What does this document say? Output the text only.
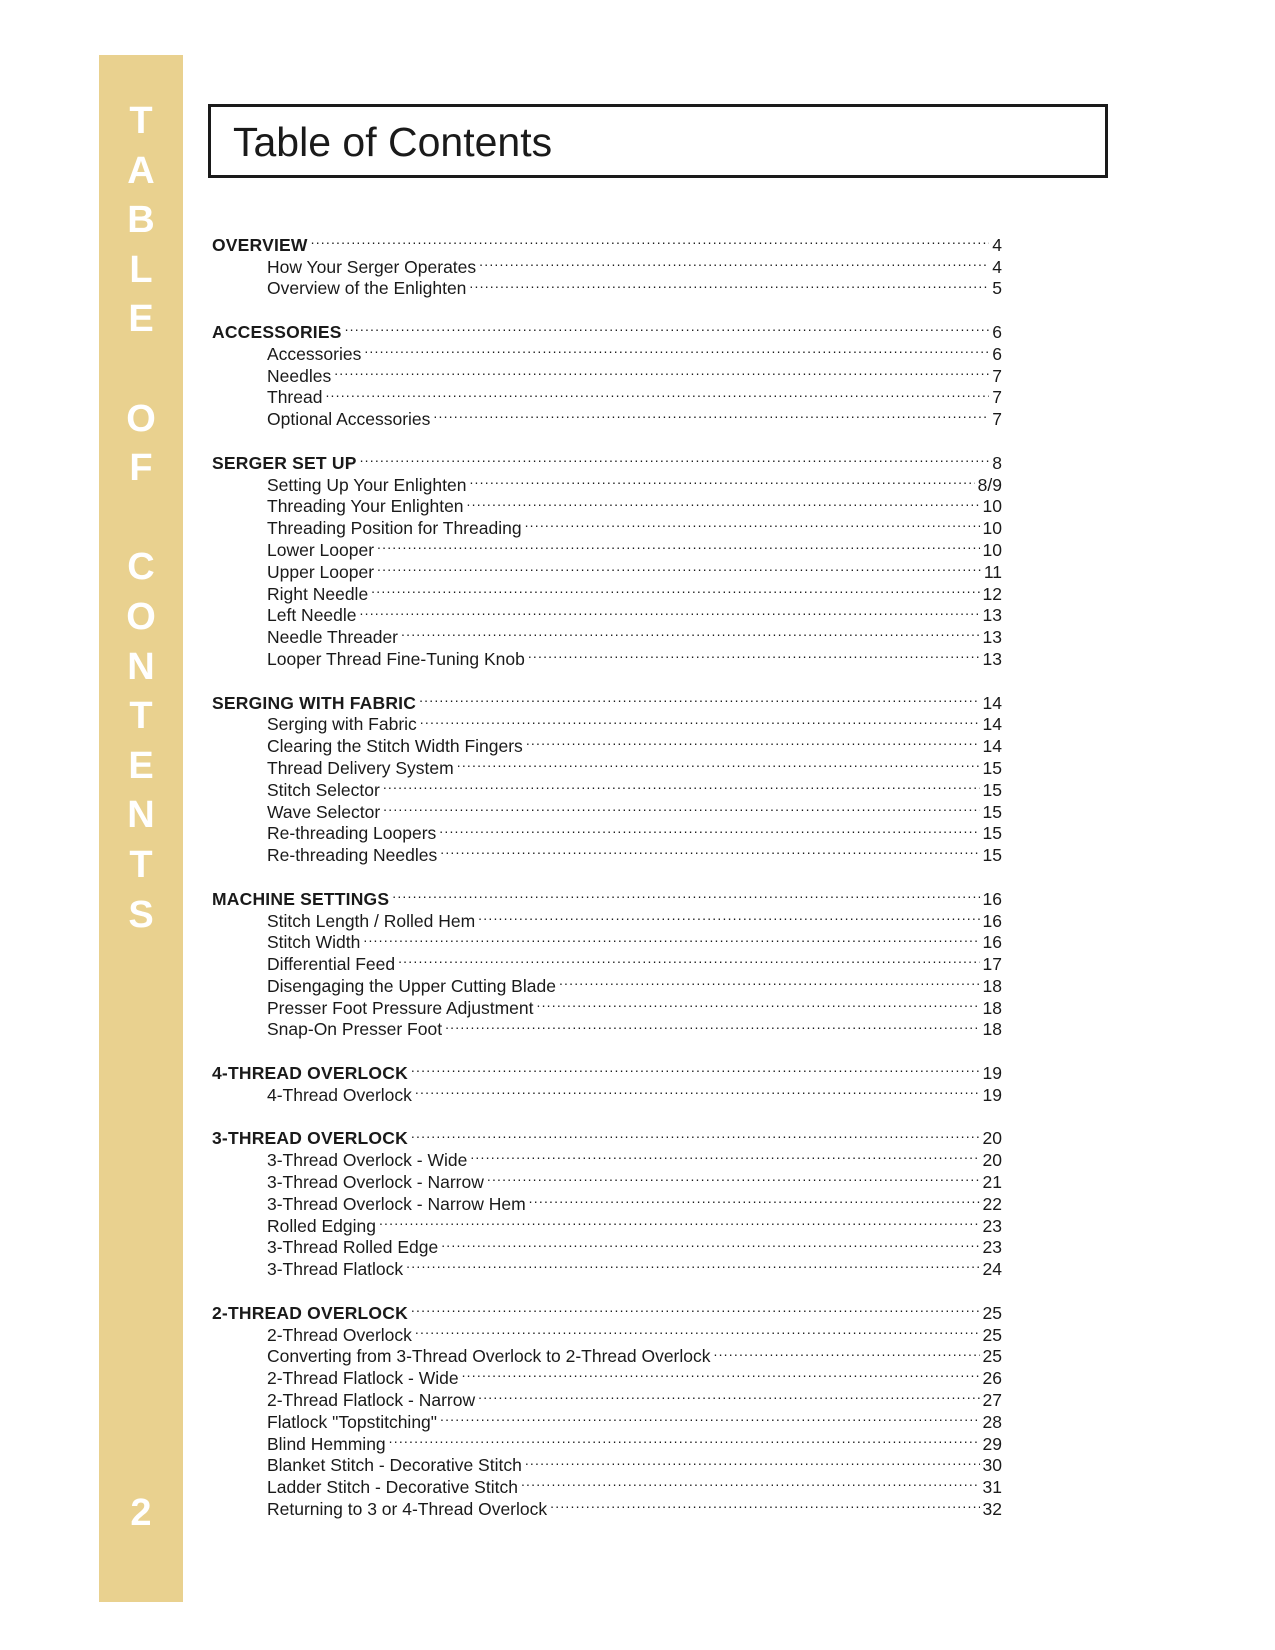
T
A
B
L
E
O
F
C
O
N
T
E
N
T
S
2
Table of Contents
OVERVIEW .....	4
How Your Serger Operates .....	4
Overview of the Enlighten .....	5
ACCESSORIES .....	6
Accessories .....	6
Needles .....	7
Thread .....	7
Optional Accessories .....	7
SERGER SET UP .....	8
Setting Up Your Enlighten .....	8/9
Threading Your Enlighten .....	10
Threading Position for Threading .....	10
Lower Looper .....	10
Upper Looper .....	11
Right Needle .....	12
Left Needle .....	13
Needle Threader .....	13
Looper Thread Fine-Tuning Knob .....	13
SERGING WITH FABRIC .....	14
Serging with Fabric .....	14
Clearing the Stitch Width Fingers .....	14
Thread Delivery System .....	15
Stitch Selector .....	15
Wave Selector .....	15
Re-threading Loopers .....	15
Re-threading Needles .....	15
MACHINE SETTINGS .....	16
Stitch Length / Rolled Hem .....	16
Stitch Width .....	16
Differential Feed .....	17
Disengaging the Upper Cutting Blade .....	18
Presser Foot Pressure Adjustment .....	18
Snap-On Presser Foot .....	18
4-THREAD OVERLOCK .....	19
4-Thread Overlock .....	19
3-THREAD OVERLOCK .....	20
3-Thread Overlock - Wide .....	20
3-Thread Overlock - Narrow .....	21
3-Thread Overlock - Narrow Hem .....	22
Rolled Edging .....	23
3-Thread Rolled Edge .....	23
3-Thread Flatlock .....	24
2-THREAD OVERLOCK .....	25
2-Thread Overlock .....	25
Converting from 3-Thread Overlock to 2-Thread Overlock .....	25
2-Thread Flatlock - Wide .....	26
2-Thread Flatlock - Narrow .....	27
Flatlock "Topstitching" .....	28
Blind Hemming .....	29
Blanket Stitch - Decorative Stitch .....	30
Ladder Stitch - Decorative Stitch .....	31
Returning to 3 or 4-Thread Overlock .....	32
